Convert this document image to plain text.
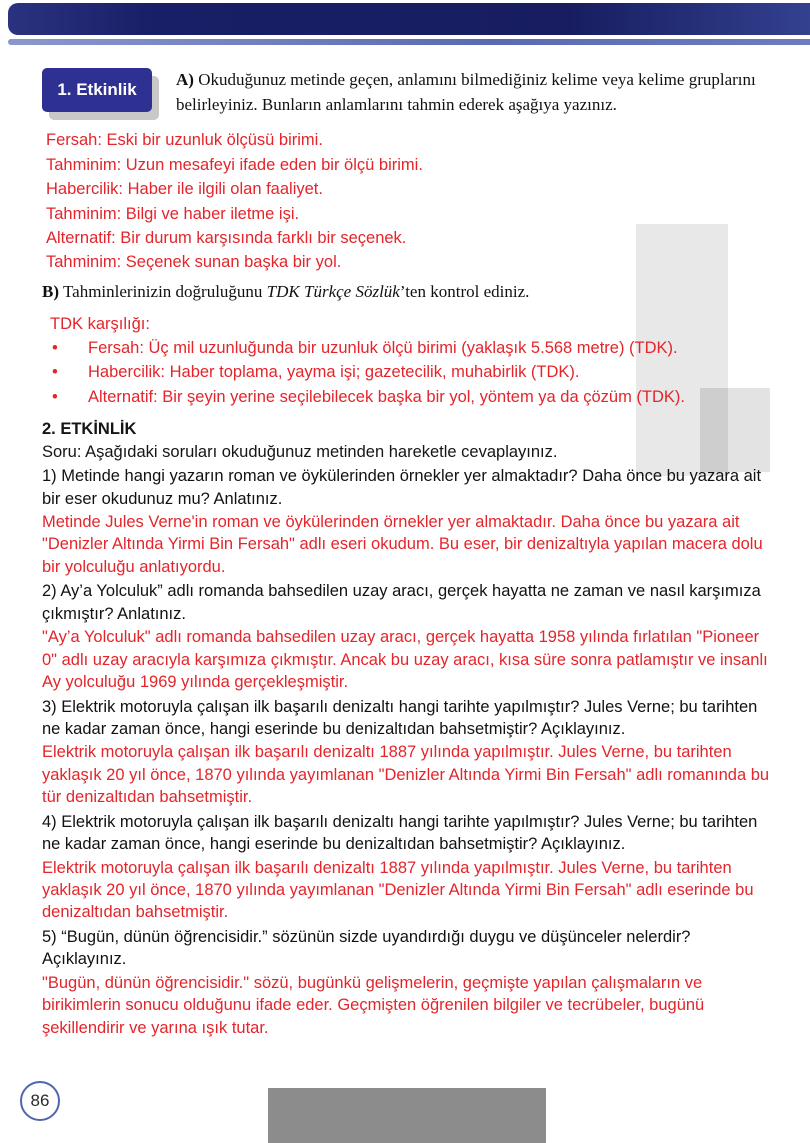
1. Etkinlik

A) Okuduğunuz metinde geçen, anlamını bilmediğiniz kelime veya kelime gruplarını belirleyiniz. Bunların anlamlarını tahmin ederek aşağıya yazınız.

Fersah: Eski bir uzunluk ölçüsü birimi.
Tahminim: Uzun mesafeyi ifade eden bir ölçü birimi.
Habercilik: Haber ile ilgili olan faaliyet.
Tahminim: Bilgi ve haber iletme işi.
Alternatif: Bir durum karşısında farklı bir seçenek.
Tahminim: Seçenek sunan başka bir yol.

B) Tahminlerinizin doğruluğunu TDK Türkçe Sözlük’ten kontrol ediniz.

TDK karşılığı:
•	Fersah: Üç mil uzunluğunda bir uzunluk ölçü birimi (yaklaşık 5.568 metre) (TDK).
•	Habercilik: Haber toplama, yayma işi; gazetecilik, muhabirlik (TDK).
•	Alternatif: Bir şeyin yerine seçilebilecek başka bir yol, yöntem ya da çözüm (TDK).

2. ETKİNLİK

Soru: Aşağıdaki soruları okuduğunuz metinden hareketle cevaplayınız.

1) Metinde hangi yazarın roman ve öykülerinden örnekler yer almaktadır? Daha önce bu yazara ait bir eser okudunuz mu? Anlatınız.

Metinde Jules Verne'in roman ve öykülerinden örnekler yer almaktadır. Daha önce bu yazara ait "Denizler Altında Yirmi Bin Fersah" adlı eseri okudum. Bu eser, bir denizaltıyla yapılan macera dolu bir yolculuğu anlatıyordu.

2) Ay’a Yolculuk” adlı romanda bahsedilen uzay aracı, gerçek hayatta ne zaman ve nasıl karşımıza çıkmıştır? Anlatınız.

"Ay’a Yolculuk" adlı romanda bahsedilen uzay aracı, gerçek hayatta 1958 yılında fırlatılan "Pioneer 0" adlı uzay aracıyla karşımıza çıkmıştır. Ancak bu uzay aracı, kısa süre sonra patlamıştır ve insanlı Ay yolculuğu 1969 yılında gerçekleşmiştir.

3) Elektrik motoruyla çalışan ilk başarılı denizaltı hangi tarihte yapılmıştır? Jules Verne; bu tarihten ne kadar zaman önce, hangi eserinde bu denizaltıdan bahsetmiştir? Açıklayınız.

Elektrik motoruyla çalışan ilk başarılı denizaltı 1887 yılında yapılmıştır. Jules Verne, bu tarihten yaklaşık 20 yıl önce, 1870 yılında yayımlanan "Denizler Altında Yirmi Bin Fersah" adlı romanında bu tür denizaltıdan bahsetmiştir.

4) Elektrik motoruyla çalışan ilk başarılı denizaltı hangi tarihte yapılmıştır? Jules Verne; bu tarihten ne kadar zaman önce, hangi eserinde bu denizaltıdan bahsetmiştir? Açıklayınız.

Elektrik motoruyla çalışan ilk başarılı denizaltı 1887 yılında yapılmıştır. Jules Verne, bu tarihten yaklaşık 20 yıl önce, 1870 yılında yayımlanan "Denizler Altında Yirmi Bin Fersah" adlı eserinde bu denizaltıdan bahsetmiştir.

5) “Bugün, dünün öğrencisidir.” sözünün sizde uyandırdığı duygu ve düşünceler nelerdir? Açıklayınız.

"Bugün, dünün öğrencisidir." sözü, bugünkü gelişmelerin, geçmişte yapılan çalışmaların ve birikimlerin sonucu olduğunu ifade eder. Geçmişten öğrenilen bilgiler ve tecrübeler, bugünü şekillendirir ve yarına ışık tutar.

86
